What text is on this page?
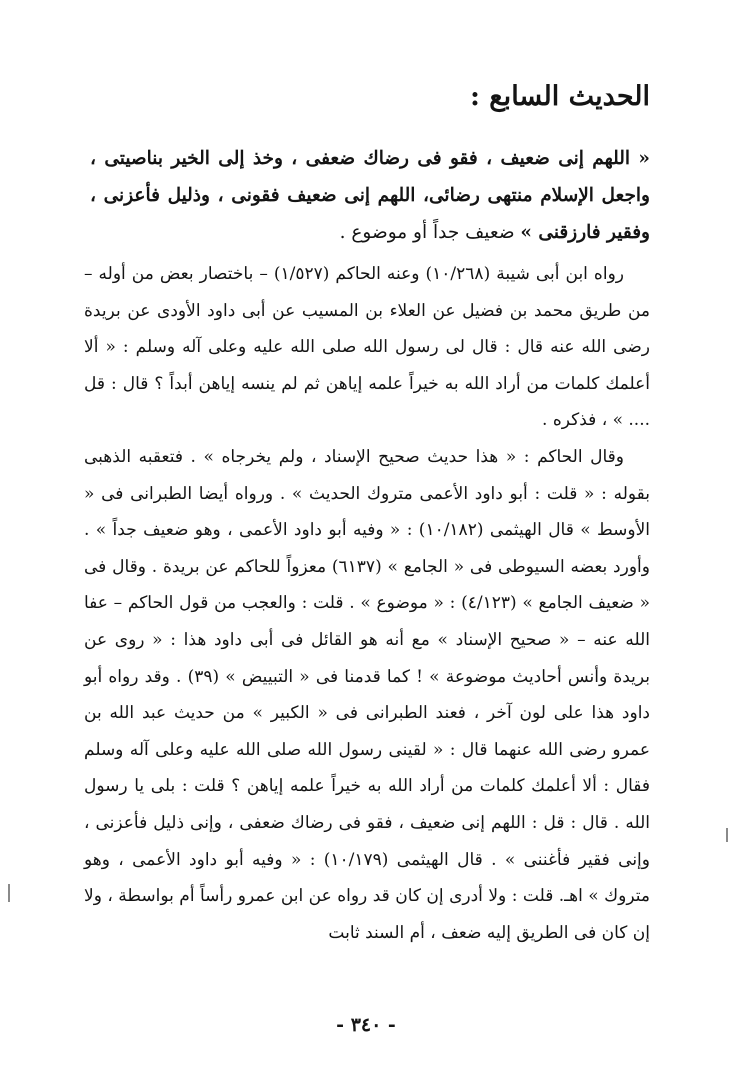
الحديث السابع :
« اللهم إنى ضعيف ، فقو فى رضاك ضعفى ، وخذ إلى الخير بناصيتى ، واجعل الإسلام منتهى رضائى، اللهم إنى ضعيف فقونى ، وذليل فأعزنى ، وفقير فارزقنى » ضعيف جداً أو موضوع .

رواه ابن أبى شيبة (١٠/٢٦٨) وعنه الحاكم (١/٥٢٧) – باختصار بعض من أوله – من طريق محمد بن فضيل عن العلاء بن المسيب عن أبى داود الأودى عن بريدة رضى الله عنه قال : قال لى رسول الله صلى الله عليه وعلى آله وسلم : « ألا أعلمك كلمات من أراد الله به خيراً علمه إياهن ثم لم ينسه إياهن أبداً ؟ قال : قل .... » ، فذكره .

وقال الحاكم : « هذا حديث صحيح الإسناد ، ولم يخرجاه » . فتعقبه الذهبى بقوله : « قلت : أبو داود الأعمى متروك الحديث » . ورواه أيضا الطبرانى فى « الأوسط » قال الهيثمى (١٠/١٨٢) : « وفيه أبو داود الأعمى ، وهو ضعيف جداً » . وأورد بعضه السيوطى فى « الجامع » (٦١٣٧) معزواً للحاكم عن بريدة . وقال فى « ضعيف الجامع » (٤/١٢٣) : « موضوع » . قلت : والعجب من قول الحاكم – عفا الله عنه – « صحيح الإسناد » مع أنه هو القائل فى أبى داود هذا : « روى عن بريدة وأنس أحاديث موضوعة » ! كما قدمنا فى « التبييض » (٣٩) . وقد رواه أبو داود هذا على لون آخر ، فعند الطبرانى فى « الكبير » من حديث عبد الله بن عمرو رضى الله عنهما قال : « لقينى رسول الله صلى الله عليه وعلى آله وسلم فقال : ألا أعلمك كلمات من أراد الله به خيراً علمه إياهن ؟ قلت : بلى يا رسول الله . قال : قل : اللهم إنى ضعيف ، فقو فى رضاك ضعفى ، وإنى ذليل فأعزنى ، وإنى فقير فأغننى » . قال الهيثمى (١٠/١٧٩) : « وفيه أبو داود الأعمى ، وهو متروك » اهـ. قلت : ولا أدرى إن كان قد رواه عن ابن عمرو رأساً أم بواسطة ، ولا إن كان فى الطريق إليه ضعف ، أم السند ثابت

- ٣٤٠ -
